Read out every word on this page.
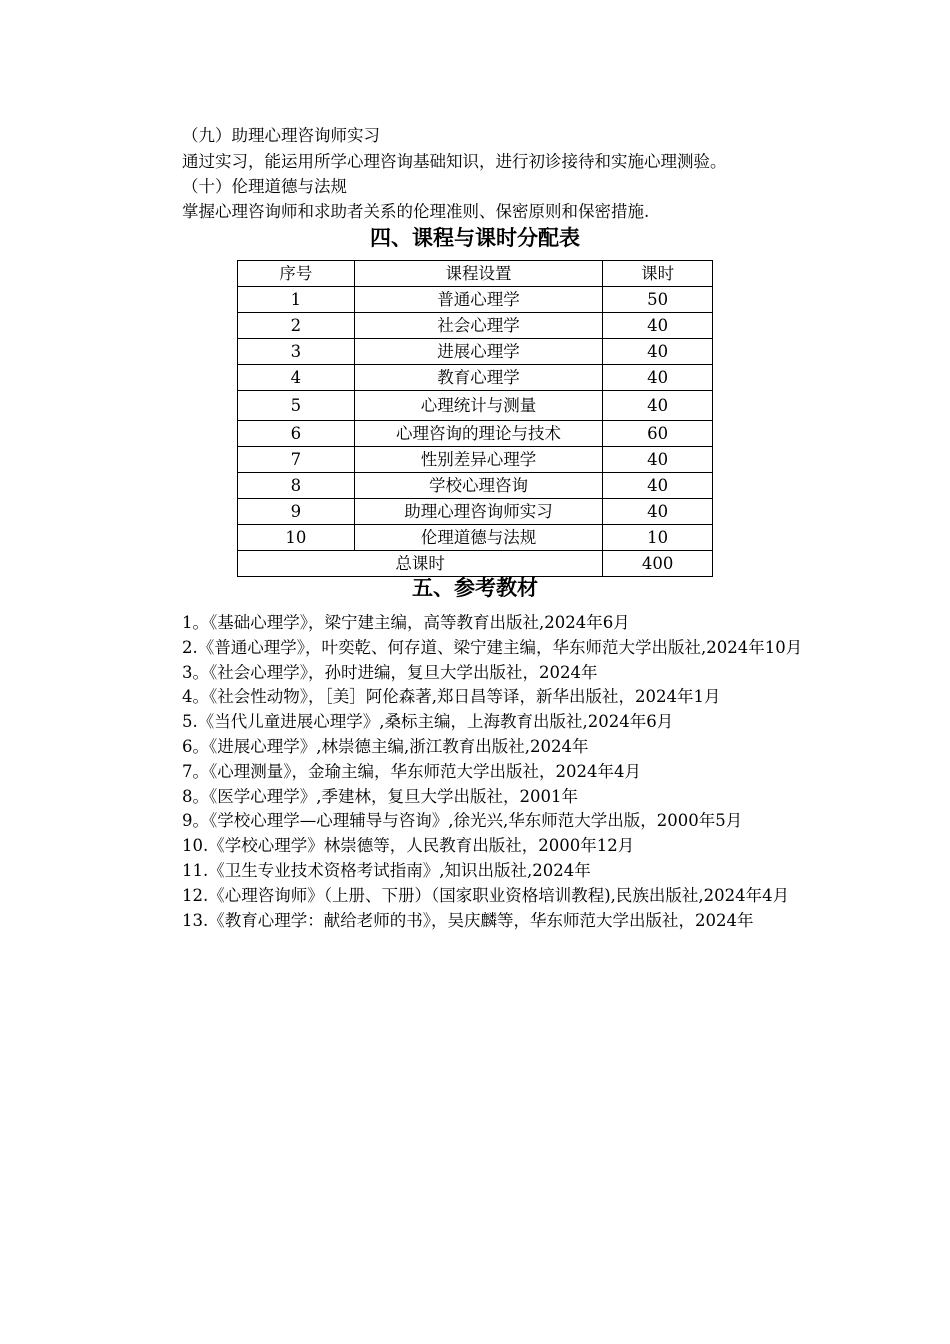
（九）助理心理咨询师实习
通过实习，能运用所学心理咨询基础知识，进行初诊接待和实施心理测验。
（十）伦理道德与法规
掌握心理咨询师和求助者关系的伦理准则、保密原则和保密措施.
四、课程与课时分配表
序号	课程设置	课时
1	普通心理学	50
2	社会心理学	40
3	进展心理学	40
4	教育心理学	40
5	心理统计与测量	40
6	心理咨询的理论与技术	60
7	性别差异心理学	40
8	学校心理咨询	40
9	助理心理咨询师实习	40
10	伦理道德与法规	10
总课时		400
五、参考教材

1。《基础心理学》，梁宁建主编，高等教育出版社,2024年6月

2.《普通心理学》，叶奕乾、何存道、梁宁建主编，华东师范大学出版社,2024年10月

3。《社会心理学》，孙时进编，复旦大学出版社，2024年

4。《社会性动物》，［美］阿伦森著,郑日昌等译，新华出版社，2024年1月

5.《当代儿童进展心理学》,桑标主编，上海教育出版社,2024年6月

6。《进展心理学》,林崇德主编,浙江教育出版社,2024年

7。《心理测量》，金瑜主编，华东师范大学出版社，2024年4月

8。《医学心理学》,季建林，复旦大学出版社，2001年

9。《学校心理学—心理辅导与咨询》,徐光兴,华东师范大学出版，2000年5月

10.《学校心理学》林崇德等，人民教育出版社，2000年12月

11.《卫生专业技术资格考试指南》,知识出版社,2024年

12.《心理咨询师》（上册、下册）（国家职业资格培训教程),民族出版社,2024年4月

13.《教育心理学：献给老师的书》，吴庆麟等，华东师范大学出版社，2024年
